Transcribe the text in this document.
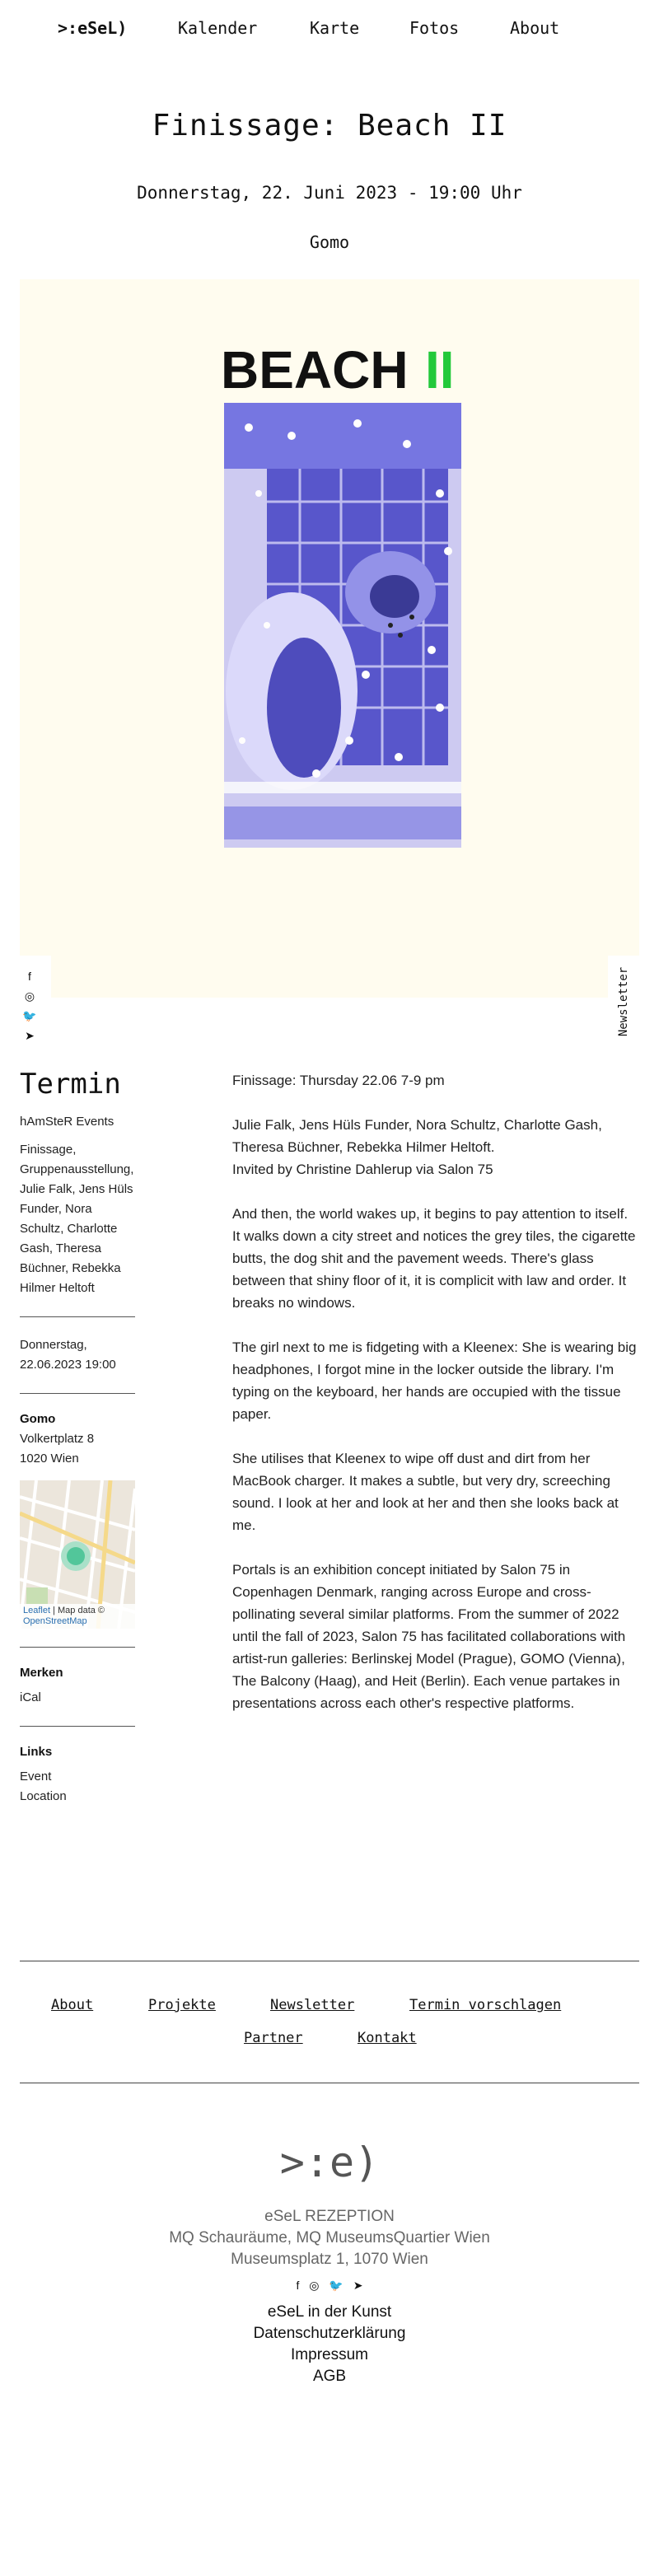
>:eSeL)	Kalender	Karte	Fotos	About
Finissage: Beach II
Donnerstag, 22. Juni 2023 - 19:00 Uhr
Gomo
BEACH II
f
◎
🐦
➤	Newsletter
Termin
hAmSteR Events
Finissage, Gruppenausstellung, Julie Falk, Jens Hüls Funder, Nora Schultz, Charlotte Gash, Theresa Büchner, Rebekka Hilmer Heltoft
Donnerstag,
22.06.2023 19:00
Gomo
Volkertplatz 8
1020 Wien
Leaflet | Map data ©
OpenStreetMap
Merken
iCal
Links
Event
Location

Finissage: Thursday 22.06 7-9 pm

Julie Falk, Jens Hüls Funder, Nora Schultz, Charlotte Gash, Theresa Büchner, Rebekka Hilmer Heltoft.
Invited by Christine Dahlerup via Salon 75

And then, the world wakes up, it begins to pay attention to itself. It walks down a city street and notices the grey tiles, the cigarette butts, the dog shit and the pavement weeds. There's glass between that shiny floor of it, it is complicit with law and order. It breaks no windows.

The girl next to me is fidgeting with a Kleenex: She is wearing big headphones, I forgot mine in the locker outside the library. I'm typing on the keyboard, her hands are occupied with the tissue paper.

She utilises that Kleenex to wipe off dust and dirt from her MacBook charger. It makes a subtle, but very dry, screeching sound. I look at her and look at her and then she looks back at me.

Portals is an exhibition concept initiated by Salon 75 in Copenhagen Denmark, ranging across Europe and cross-pollinating several similar platforms. From the summer of 2022 until the fall of 2023, Salon 75 has facilitated collaborations with artist-run galleries: Berlinskej Model (Prague), GOMO (Vienna), The Balcony (Haag), and Heit (Berlin). Each venue partakes in presentations across each other's respective platforms.

About	Projekte	Newsletter	Termin vorschlagen
Partner	Kontakt
>:e)
eSeL REZEPTION
MQ Schauräume, MQ MuseumsQuartier Wien
Museumsplatz 1, 1070 Wien
f ◎ 🐦 ➤
eSeL in der Kunst
Datenschutzerklärung
Impressum
AGB
